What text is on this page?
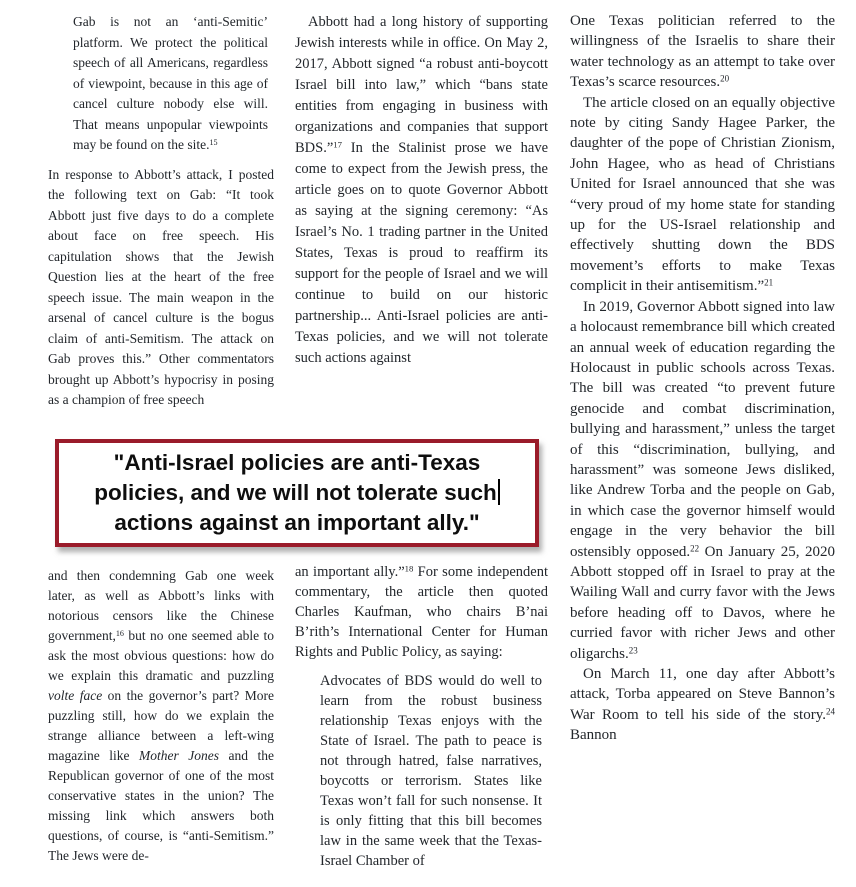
Gab is not an ‘anti-Semitic’ platform. We protect the political speech of all Americans, regardless of viewpoint, because in this age of cancel culture nobody else will. That means unpopular viewpoints may be found on the site.$^{15}$
In response to Abbott’s attack, I posted the following text on Gab: “It took Abbott just five days to do a complete about face on free speech. His capitulation shows that the Jewish Question lies at the heart of the free speech issue. The main weapon in the arsenal of cancel culture is the bogus claim of anti-Semitism. The attack on Gab proves this.” Other commentators brought up Abbott’s hypocrisy in posing as a champion of free speech
Abbott had a long history of supporting Jewish interests while in office. On May 2, 2017, Abbott signed “a robust anti-boycott Israel bill into law,” which “bans state entities from engaging in business with organizations and companies that support BDS.”$^{17}$ In the Stalinist prose we have come to expect from the Jewish press, the article goes on to quote Governor Abbott as saying at the signing ceremony: “As Israel’s No. 1 trading partner in the United States, Texas is proud to reaffirm its support for the people of Israel and we will continue to build on our historic partnership... Anti-Israel policies are anti-Texas policies, and we will not tolerate such actions against
One Texas politician referred to the willingness of the Israelis to share their water technology as an attempt to take over Texas’s scarce resources.$^{20}$
The article closed on an equally objective note by citing Sandy Hagee Parker, the daughter of the pope of Christian Zionism, John Hagee, who as head of Christians United for Israel announced that she was “very proud of my home state for standing up for the US-Israel relationship and effectively shutting down the BDS movement’s efforts to make Texas complicit in their antisemitism.”$^{21}$
In 2019, Governor Abbott signed into law a holocaust remembrance bill which created an annual week of education regarding the Holocaust in public schools across Texas. The bill was created “to prevent future genocide and combat discrimination, bullying and harassment,” unless the target of this “discrimination, bullying, and harassment” was someone Jews disliked, like Andrew Torba and the people on Gab, in which case the governor himself would engage in the very behavior the bill ostensibly opposed.$^{22}$ On January 25, 2020 Abbott stopped off in Israel to pray at the Wailing Wall and curry favor with the Jews before heading off to Davos, where he curried favor with richer Jews and other oligarchs.$^{23}$
On March 11, one day after Abbott’s attack, Torba appeared on Steve Bannon’s War Room to tell his side of the story.$^{24}$ Bannon
"Anti-Israel policies are anti-Texas
policies, and we will not tolerate such
actions against an important ally."
and then condemning Gab one week later, as well as Abbott’s links with notorious censors like the Chinese government,$^{16}$ but no one seemed able to ask the most obvious questions: how do we explain this dramatic and puzzling volte face on the governor’s part? More puzzling still, how do we explain the strange alliance between a left-wing magazine like Mother Jones and the Republican governor of one of the most conservative states in the union? The missing link which answers both questions, of course, is “anti-Semitism.” The Jews were de-
an important ally.”$^{18}$ For some independent commentary, the article then quoted Charles Kaufman, who chairs B’nai B’rith’s International Center for Human Rights and Public Policy, as saying:
Advocates of BDS would do well to learn from the robust business relationship Texas enjoys with the State of Israel. The path to peace is not through hatred, false narratives, boycotts or terrorism. States like Texas won’t fall for such nonsense. It is only fitting that this bill becomes law in the same week that the Texas-Israel Chamber of
